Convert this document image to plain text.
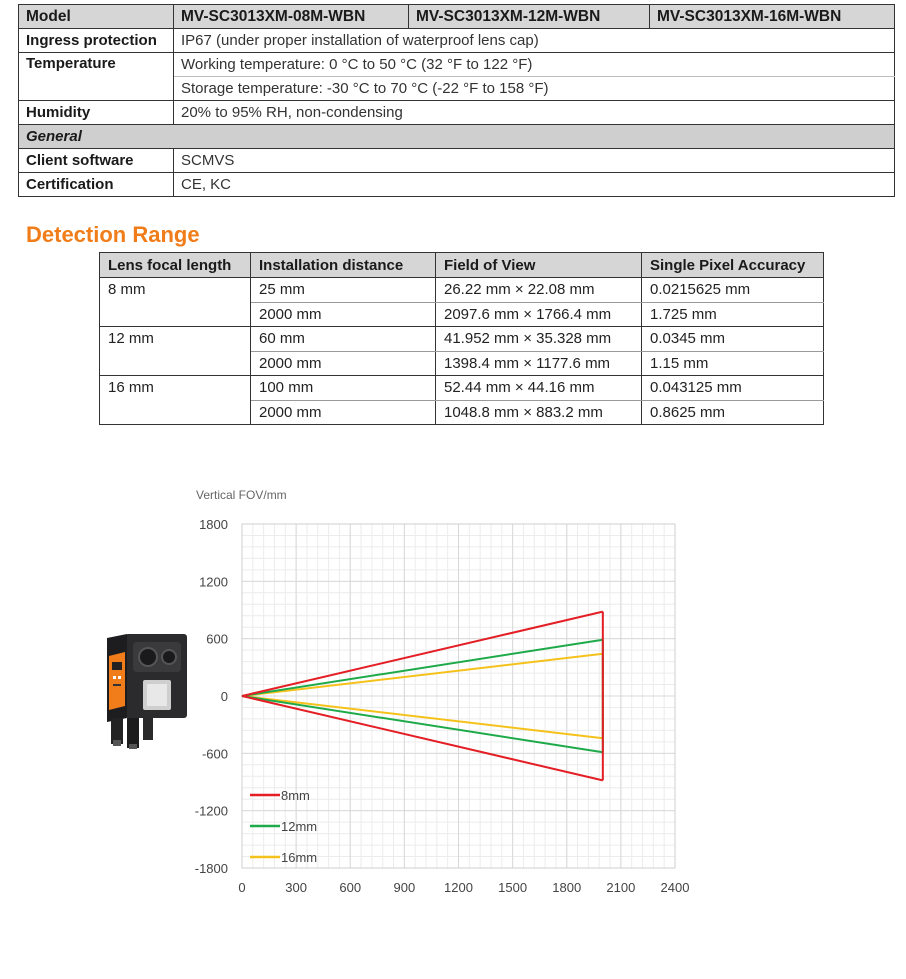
Model	MV-SC3013XM-08M-WBN	MV-SC3013XM-12M-WBN	MV-SC3013XM-16M-WBN
Ingress protection	IP67 (under proper installation of waterproof lens cap)		
Temperature	Working temperature: 0 °C to 50 °C (32 °F to 122 °F)		
	Storage temperature: -30 °C to 70 °C (-22 °F to 158 °F)		
Humidity	20% to 95% RH, non-condensing		
General			
Client software	SCMVS		
Certification	CE, KC		
Detection Range
Lens focal length	Installation distance	Field of View	Single Pixel Accuracy
8 mm	25 mm	26.22 mm × 22.08 mm	0.0215625 mm
	2000 mm	2097.6 mm × 1766.4 mm	1.725 mm
12 mm	60 mm	41.952 mm × 35.328 mm	0.0345 mm
	2000 mm	1398.4 mm × 1177.6 mm	1.15 mm
16 mm	100 mm	52.44 mm × 44.16 mm	0.043125 mm
	2000 mm	1048.8 mm × 883.2 mm	0.8625 mm
Vertical FOV/mm
1800
1200
600
0
-600
-1200
-1800
0	300 600 900 1200 1500 1800 2100 2400
8mm
12mm
16mm
